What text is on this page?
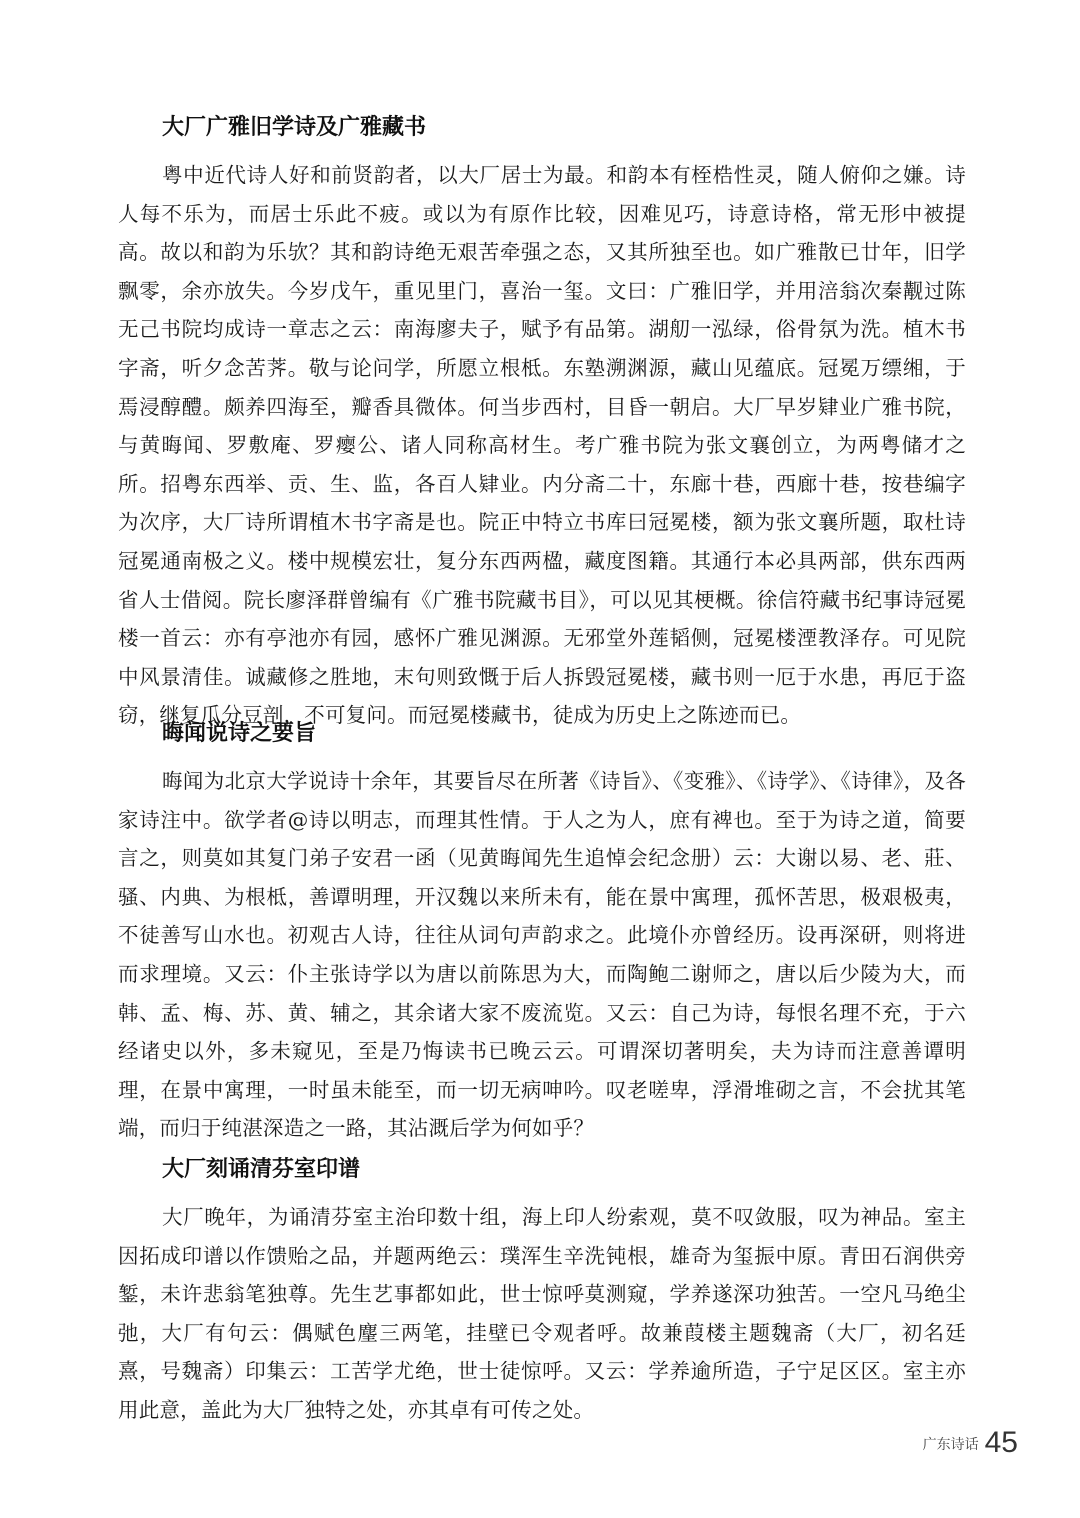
大厂广雅旧学诗及广雅藏书

粤中近代诗人好和前贤韵者，以大厂居士为最。和韵本有桎梏性灵，随人俯仰之嫌。诗人每不乐为，而居士乐此不疲。或以为有原作比较，因难见巧，诗意诗格，常无形中被提高。故以和韵为乐欤？其和韵诗绝无艰苦牵强之态，又其所独至也。如广雅散已廿年，旧学飘零，余亦放失。今岁戊午，重见里门，喜治一玺。文曰：广雅旧学，并用涪翁次秦觏过陈无己书院均成诗一章志之云：南海廖夫子，赋予有品第。湖舠一泓绿，俗骨氛为洗。植木书字斋，听夕念苦荠。敬与论问学，所愿立根柢。东塾溯渊源，藏山见蕴底。冠冕万缥缃，于焉浸醇醴。颇养四海至，瓣香具微体。何当步西村，目昏一朝启。大厂早岁肄业广雅书院，与黄晦闻、罗敷庵、罗瘿公、诸人同称高材生。考广雅书院为张文襄创立，为两粤储才之所。招粤东西举、贡、生、监，各百人肄业。内分斋二十，东廊十巷，西廊十巷，按巷编字为次序，大厂诗所谓植木书字斋是也。院正中特立书库曰冠冕楼，额为张文襄所题，取杜诗冠冕通南极之义。楼中规模宏壮，复分东西两楹，藏度图籍。其通行本必具两部，供东西两省人士借阅。院长廖泽群曾编有《广雅书院藏书目》，可以见其梗概。徐信符藏书纪事诗冠冕楼一首云：亦有亭池亦有园，感怀广雅见渊源。无邪堂外莲韬侧，冠冕楼湮教泽存。可见院中风景清佳。诚藏修之胜地，末句则致慨于后人拆毁冠冕楼，藏书则一厄于水患，再厄于盗窃，继复瓜分豆剖，不可复问。而冠冕楼藏书，徒成为历史上之陈迹而已。

晦闻说诗之要旨

晦闻为北京大学说诗十余年，其要旨尽在所著《诗旨》、《变雅》、《诗学》、《诗律》，及各家诗注中。欲学者@诗以明志，而理其性情。于人之为人，庶有裨也。至于为诗之道，简要言之，则莫如其复门弟子安君一函（见黄晦闻先生追悼会纪念册）云：大谢以易、老、莊、骚、内典、为根柢，善谭明理，开汉魏以来所未有，能在景中寓理，孤怀苦思，极艰极夷，不徒善写山水也。初观古人诗，往往从词句声韵求之。此境仆亦曾经历。设再深研，则将进而求理境。又云：仆主张诗学以为唐以前陈思为大，而陶鲍二谢师之，唐以后少陵为大，而韩、孟、梅、苏、黄、辅之，其余诸大家不废流览。又云：自己为诗，每恨名理不充，于六经诸史以外，多未窥见，至是乃悔读书已晚云云。可谓深切著明矣，夫为诗而注意善谭明理，在景中寓理，一时虽未能至，而一切无病呻吟。叹老嗟卑，浮滑堆砌之言，不会扰其笔端，而归于纯湛深造之一路，其沾溉后学为何如乎？

大厂刻诵清芬室印谱

大厂晚年，为诵清芬室主治印数十组，海上印人纷索观，莫不叹敛服，叹为神品。室主因拓成印谱以作馈贻之品，并题两绝云：璞浑生辛洗钝根，雄奇为玺振中原。青田石润供旁錾，未许悲翁笔独尊。先生艺事都如此，世士惊呼莫测窥，学养遂深功独苦。一空凡马绝尘弛，大厂有句云：偶赋色麈三两笔，挂壁已令观者呼。故兼葭楼主题魏斋（大厂，初名廷熹，号魏斋）印集云：工苦学尤绝，世士徒惊呼。又云：学养逾所造，子宁足区区。室主亦用此意，盖此为大厂独特之处，亦其卓有可传之处。

广东诗话 45
